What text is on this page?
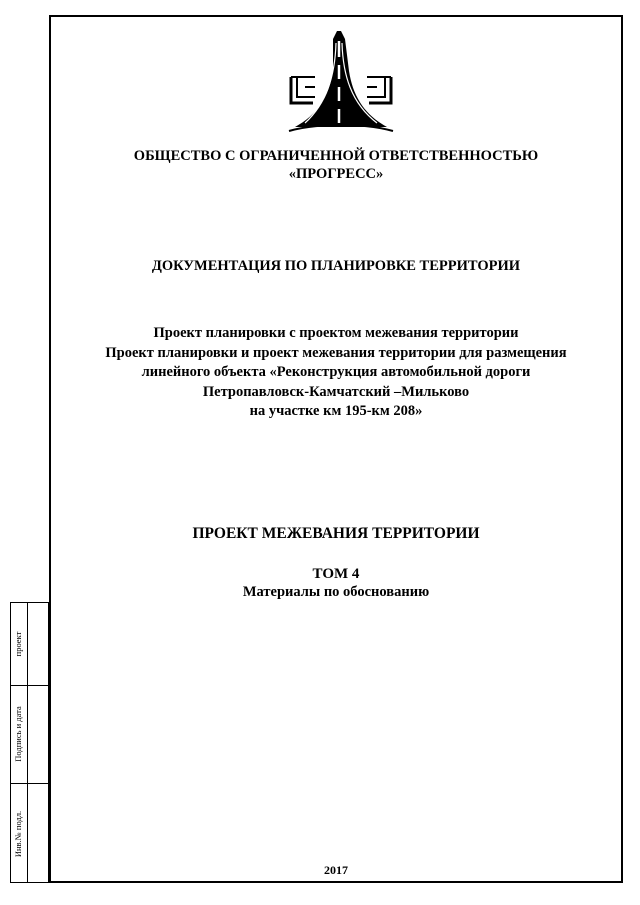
ОБЩЕСТВО С ОГРАНИЧЕННОЙ ОТВЕТСТВЕННОСТЬЮ
«ПРОГРЕСС»
ДОКУМЕНТАЦИЯ ПО ПЛАНИРОВКЕ ТЕРРИТОРИИ
Проект планировки с проектом межевания территории
Проект планировки и проект межевания территории для размещения
линейного объекта «Реконструкция автомобильной дороги
Петропавловск-Камчатский –Мильково
на участке км 195-км 208»
ПРОЕКТ МЕЖЕВАНИЯ ТЕРРИТОРИИ
ТОМ 4
Материалы по обоснованию
2017
проект
Подпись и дата
Инв.№ подл.
